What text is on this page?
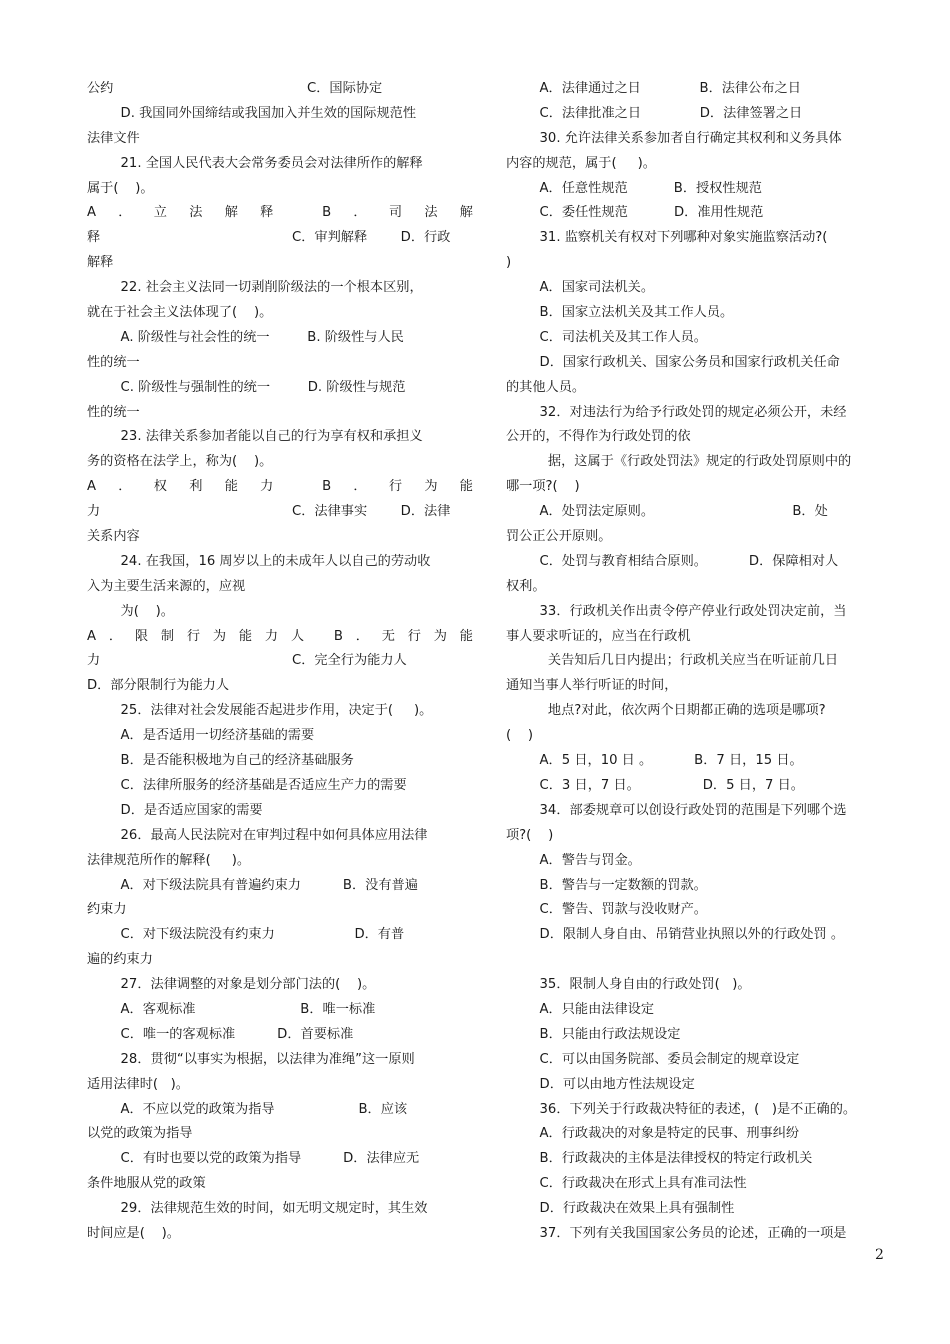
公约	C．国际协定
D. 我国同外国缔结或我国加入并生效的国际规范性
法律文件
21. 全国人民代表大会常务委员会对法律所作的解释
属于(    )。
A．立法解释 B．司法解
释	C．审判解释        D．行政
解释
22. 社会主义法同一切剥削阶级法的一个根本区别，
就在于社会主义法体现了(    )。
A. 阶级性与社会性的统一         B. 阶级性与人民
性的统一
C. 阶级性与强制性的统一         D. 阶级性与规范
性的统一
23. 法律关系参加者能以自己的行为享有权和承担义
务的资格在法学上，称为(    )。
A．权利能力 B．行为能
力	C．法律事实        D．法律
关系内容
24. 在我国，16 周岁以上的未成年人以自己的劳动收
入为主要生活来源的，应视
为(    )。
A．限制行为能力人 B．无行为能
力	C．完全行为能力人
D．部分限制行为能力人
25．法律对社会发展能否起进步作用，决定于(     )。
A．是否适用一切经济基础的需要
B．是否能积极地为自己的经济基础服务
C．法律所服务的经济基础是否适应生产力的需要
D．是否适应国家的需要
26．最高人民法院对在审判过程中如何具体应用法律
法律规范所作的解释(     )。
A．对下级法院具有普遍约束力          B．没有普遍
约束力
C．对下级法院没有约束力                   D．有普
遍的约束力
27．法律调整的对象是划分部门法的(    )。
A．客观标准                         B．唯一标准
C．唯一的客观标准          D．首要标准
28．贯彻“以事实为根据，以法律为准绳”这一原则
适用法律时(   )。
A．不应以党的政策为指导                    B．应该
以党的政策为指导
C．有时也要以党的政策为指导          D．法律应无
条件地服从党的政策
29．法律规范生效的时间，如无明文规定时，其生效
时间应是(    )。
A．法律通过之日              B．法律公布之日
C．法律批准之日              D．法律签署之日
30. 允许法律关系参加者自行确定其权利和义务具体
内容的规范，属于(     )。
A．任意性规范           B．授权性规范
C．委任性规范           D．准用性规范
31. 监察机关有权对下列哪种对象实施监察活动?(
)
A．国家司法机关。
B．国家立法机关及其工作人员。
C．司法机关及其工作人员。
D．国家行政机关、国家公务员和国家行政机关任命
的其他人员。
32．对违法行为给予行政处罚的规定必须公开，未经
公开的，不得作为行政处罚的依
据，这属于《行政处罚法》规定的行政处罚原则中的
哪一项?(    )
A．处罚法定原则。                                 B．处
罚公正公开原则。
C．处罚与教育相结合原则。          D．保障相对人
权利。
33．行政机关作出责令停产停业行政处罚决定前，当
事人要求听证的，应当在行政机
关告知后几日内提出；行政机关应当在听证前几日
通知当事人举行听证的时间，
地点?对此，依次两个日期都正确的选项是哪项?
(    )
A．5 日，10 日 。          B．7 日，15 日。
C．3 日，7 日。               D．5 日，7 日。
34．部委规章可以创设行政处罚的范围是下列哪个选
项?(    )
A．警告与罚金。
B．警告与一定数额的罚款。
C．警告、罚款与没收财产。
D．限制人身自由、吊销营业执照以外的行政处罚 。
35．限制人身自由的行政处罚(   )。
A．只能由法律设定
B．只能由行政法规设定
C．可以由国务院部、委员会制定的规章设定
D．可以由地方性法规设定
36．下列关于行政裁决特征的表述，(   )是不正确的。
A．行政裁决的对象是特定的民事、刑事纠纷
B．行政裁决的主体是法律授权的特定行政机关
C．行政裁决在形式上具有准司法性
D．行政裁决在效果上具有强制性
37．下列有关我国国家公务员的论述，正确的一项是
2
